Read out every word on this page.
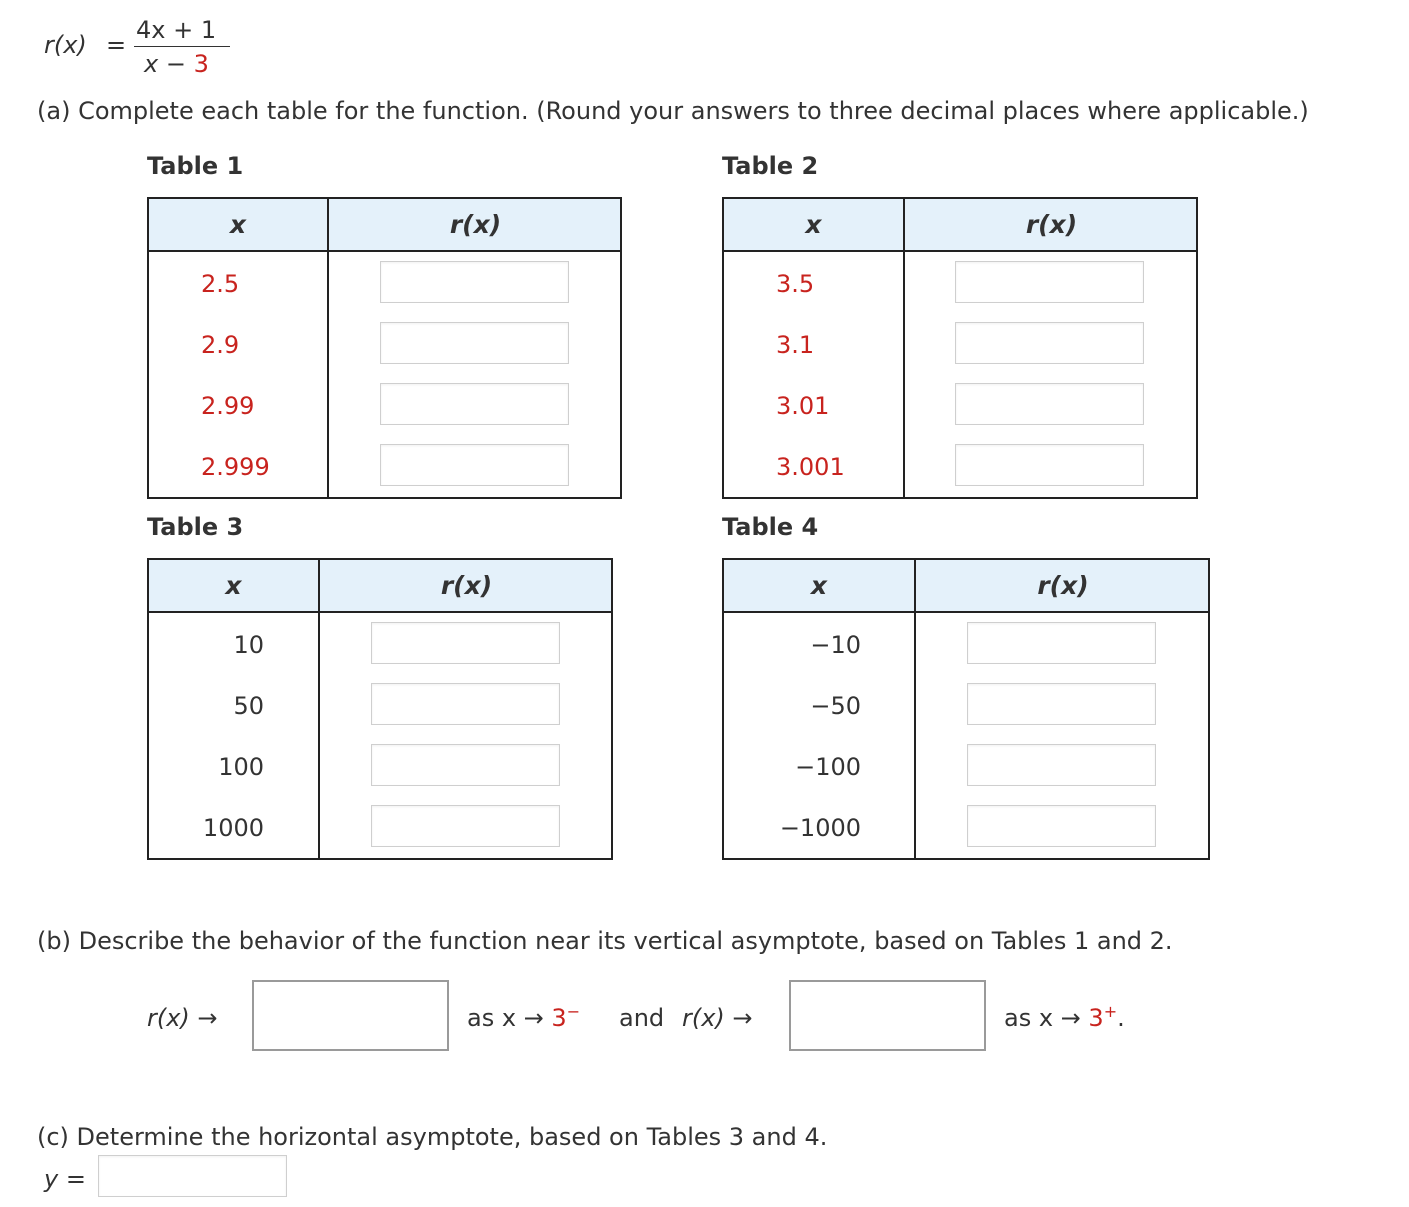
r(x) =
4x + 1
x − 3
(a) Complete each table for the function. (Round your answers to three decimal places where applicable.)
Table 1
x	r(x)
2.5
2.9
2.99
2.999
Table 2
x	r(x)
3.5
3.1
3.01
3.001
Table 3
x	r(x)
10
50
100
1000
Table 4
x	r(x)
−10
−50
−100
−1000
(b) Describe the behavior of the function near its vertical asymptote, based on Tables 1 and 2.
r(x) →	as x → 3− and r(x) →	as x → 3+.
(c) Determine the horizontal asymptote, based on Tables 3 and 4.
y =
